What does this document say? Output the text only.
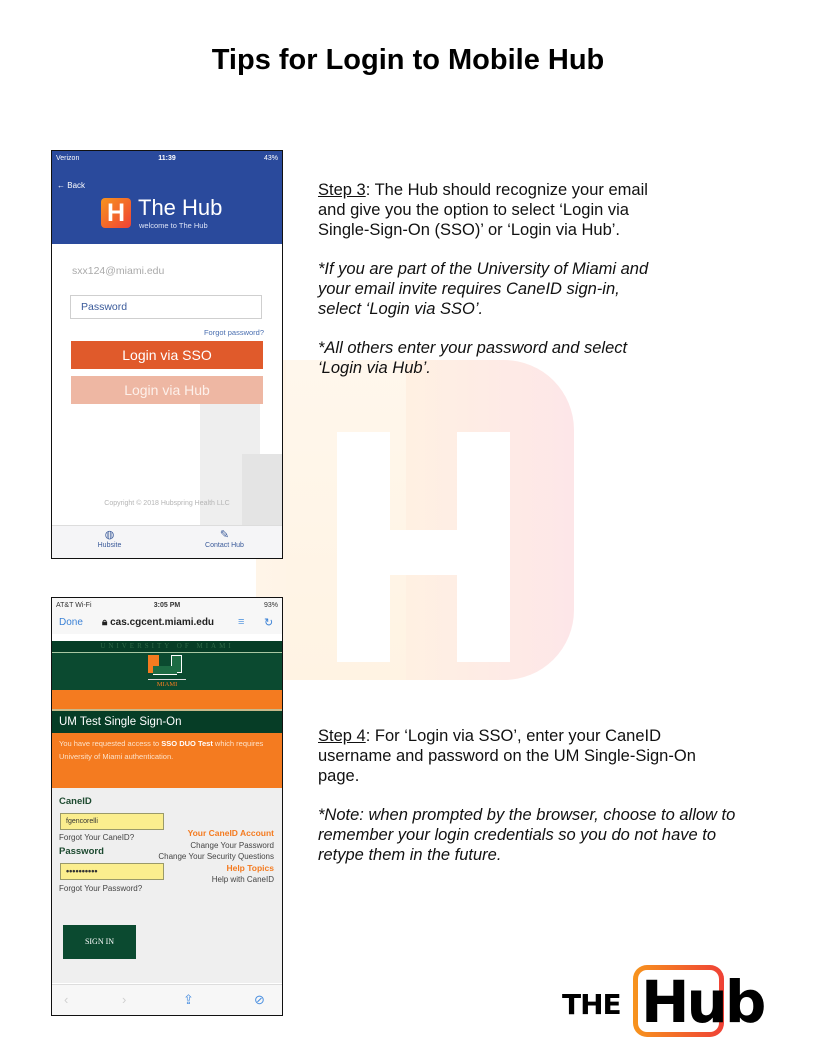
Tips for Login to Mobile Hub
Verizon	11:39	43%
← Back
H The Hub
welcome to The Hub
sxx124@miami.edu
Password
Forgot password?
Login via SSO
Login via Hub
Copyright © 2018 Hubspring Health LLC
◍
Hubsite
✎
Contact Hub

Step 3: The Hub should recognize your email and give you the option to select ‘Login via Single-Sign-On (SSO)’ or ‘Login via Hub’.

*If you are part of the University of Miami and your email invite requires CaneID sign-in, select ‘Login via SSO’.

*All others enter your password and select ‘Login via Hub’.

AT&T Wi-Fi	3:05 PM	93%
Done 🔒︎ cas.cgcent.miami.edu ≡ ↻
UNIVERSITY OF MIAMI
MIAMI
UM Test Single Sign-On
You have requested access to SSO DUO Test which requires University of Miami authentication.
CaneID
fgencorelli
Forgot Your CaneID?
Password
••••••••••
Forgot Your Password?
Your CaneID Account
Change Your Password
Change Your Security Questions
Help Topics
Help with CaneID
SIGN IN
‹	›	⇪	⊘

Step 4: For ‘Login via SSO’, enter your CaneID username and password on the UM Single-Sign-On page.

*Note: when prompted by the browser, choose to allow to remember your login credentials so you do not have to retype them in the future.

THE Hub
